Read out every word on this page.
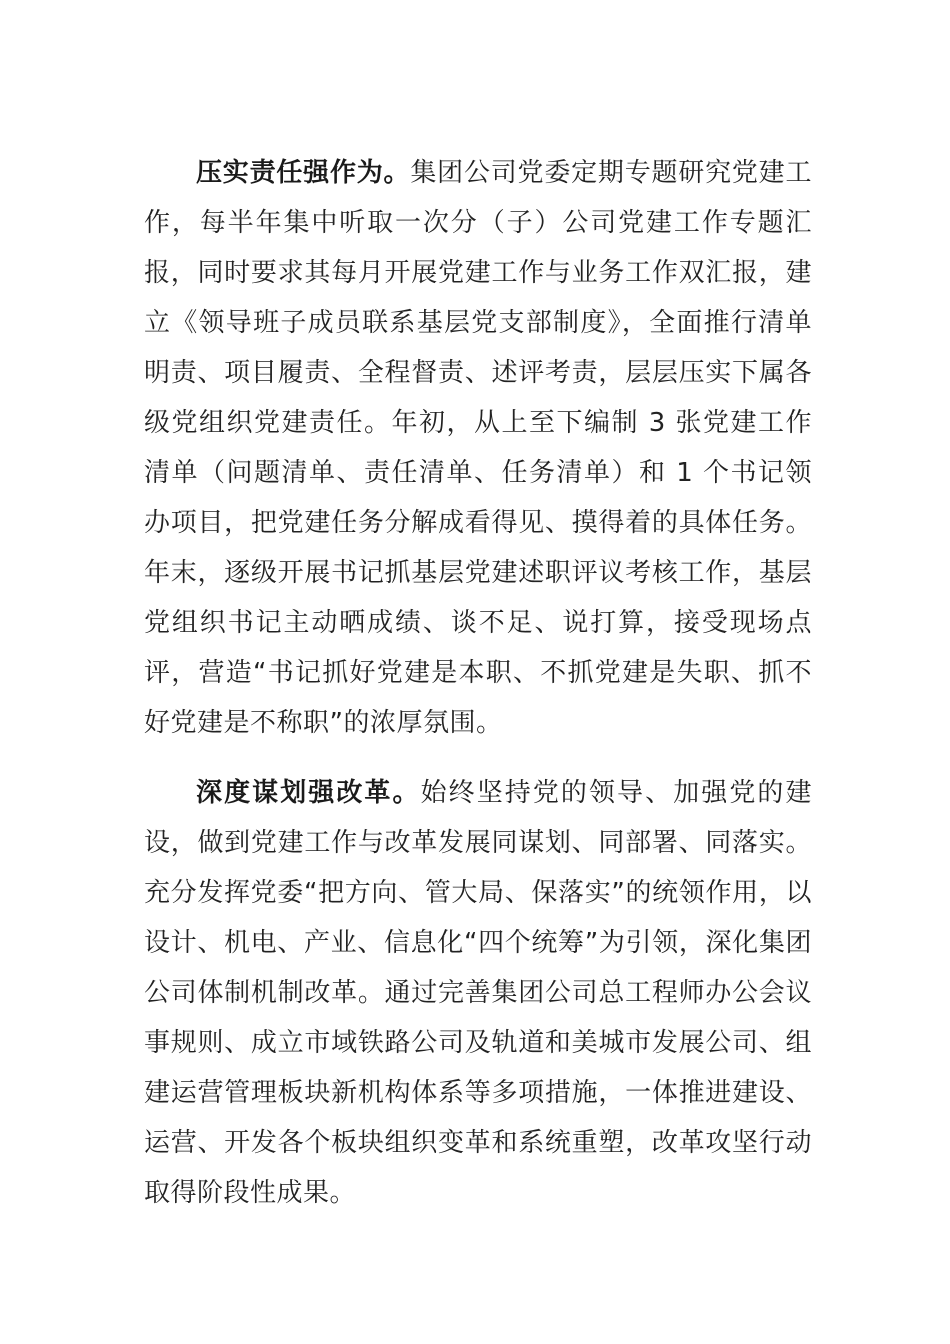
压实责任强作为。集团公司党委定期专题研究党建工作，每半年集中听取一次分（子）公司党建工作专题汇报，同时要求其每月开展党建工作与业务工作双汇报，建立《领导班子成员联系基层党支部制度》，全面推行清单明责、项目履责、全程督责、述评考责，层层压实下属各级党组织党建责任。年初，从上至下编制 3 张党建工作清单（问题清单、责任清单、任务清单）和 1 个书记领办项目，把党建任务分解成看得见、摸得着的具体任务。年末，逐级开展书记抓基层党建述职评议考核工作，基层党组织书记主动晒成绩、谈不足、说打算，接受现场点评，营造“书记抓好党建是本职、不抓党建是失职、抓不好党建是不称职”的浓厚氛围。

深度谋划强改革。始终坚持党的领导、加强党的建设，做到党建工作与改革发展同谋划、同部署、同落实。充分发挥党委“把方向、管大局、保落实”的统领作用，以设计、机电、产业、信息化“四个统筹”为引领，深化集团公司体制机制改革。通过完善集团公司总工程师办公会议事规则、成立市域铁路公司及轨道和美城市发展公司、组建运营管理板块新机构体系等多项措施，一体推进建设、运营、开发各个板块组织变革和系统重塑，改革攻坚行动取得阶段性成果。
